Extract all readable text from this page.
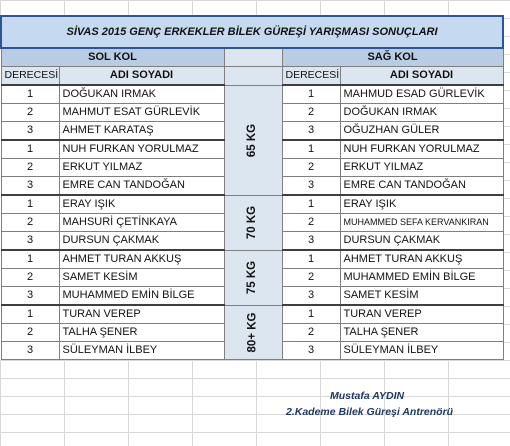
SİVAS 2015 GENÇ ERKEKLER BİLEK GÜREŞİ YARIŞMASI SONUÇLARI				
SOL KOL			SAĞ KOL	
DERECESİ	ADI SOYADI		DERECESİ	ADI SOYADI
1	DOĞUKAN IRMAK	65 KG	1	MAHMUD ESAD GÜRLEVİK
2	MAHMUT ESAT GÜRLEVİK		2	DOĞUKAN IRMAK
3	AHMET KARATAŞ		3	OĞUZHAN GÜLER
1	NUH FURKAN YORULMAZ		1	NUH FURKAN YORULMAZ
2	ERKUT YILMAZ		2	ERKUT YILMAZ
3	EMRE CAN TANDOĞAN		3	EMRE CAN TANDOĞAN
1	ERAY IŞIK	70 KG	1	ERAY IŞIK
2	MAHSURİ ÇETİNKAYA		2	MUHAMMED SEFA KERVANKIRAN
3	DURSUN ÇAKMAK		3	DURSUN ÇAKMAK
1	AHMET TURAN AKKUŞ	75 KG	1	AHMET TURAN AKKUŞ
2	SAMET KESİM		2	MUHAMMED EMİN BİLGE
3	MUHAMMED EMİN BİLGE		3	SAMET KESİM
1	TURAN VEREP	80+ KG	1	TURAN VEREP
2	TALHA ŞENER		2	TALHA ŞENER
3	SÜLEYMAN İLBEY		3	SÜLEYMAN İLBEY
Mustafa AYDIN
2.Kademe Bilek Güreşi Antrenörü
